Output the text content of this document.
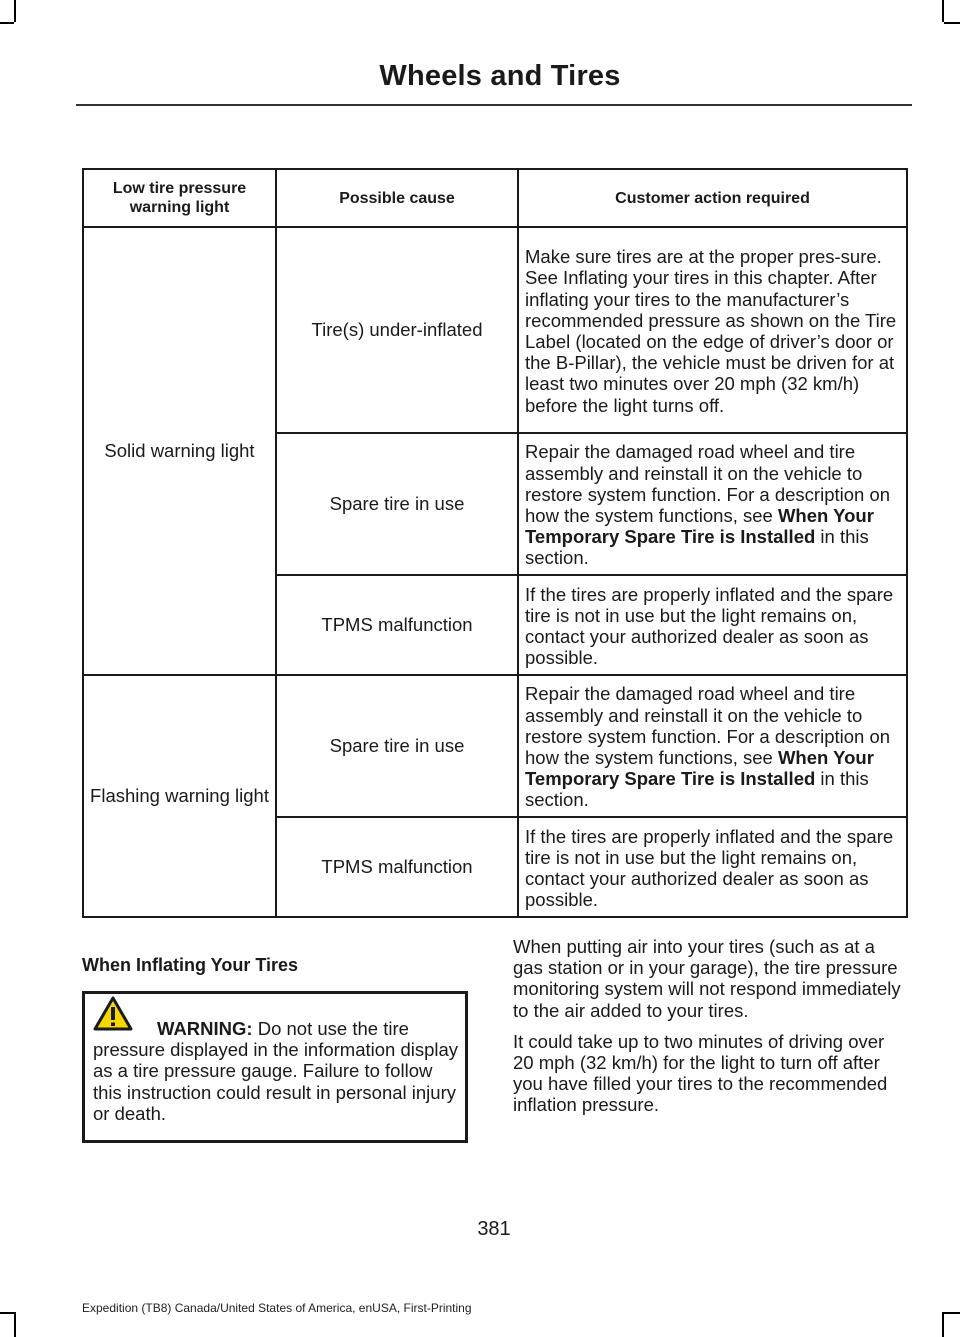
Wheels and Tires
Low tire pressure warning light	Possible cause	Customer action required
Solid warning light	Tire(s) under-inflated	Make sure tires are at the proper pres-sure. See Inflating your tires in this chapter. After inflating your tires to the manufacturer’s recommended pressure as shown on the Tire Label (located on the edge of driver’s door or the B-Pillar), the vehicle must be driven for at least two minutes over 20 mph (32 km/h) before the light turns off.

	Spare tire in use	Repair the damaged road wheel and tire assembly and reinstall it on the vehicle to restore system function. For a description on how the system functions, see When Your Temporary Spare Tire is Installed in this section.

	TPMS malfunction	If the tires are properly inflated and the spare tire is not in use but the light remains on, contact your authorized dealer as soon as possible.

Flashing warning light	Spare tire in use	Repair the damaged road wheel and tire assembly and reinstall it on the vehicle to restore system function. For a description on how the system functions, see When Your Temporary Spare Tire is Installed in this section.

	TPMS malfunction	If the tires are properly inflated and the spare tire is not in use but the light remains on, contact your authorized dealer as soon as possible.
When Inflating Your Tires
WARNING: Do not use the tire pressure displayed in the information display as a tire pressure gauge. Failure to follow this instruction could result in personal injury or death.

When putting air into your tires (such as at a gas station or in your garage), the tire pressure monitoring system will not respond immediately to the air added to your tires.

It could take up to two minutes of driving over 20 mph (32 km/h) for the light to turn off after you have filled your tires to the recommended inflation pressure.

381
Expedition (TB8) Canada/United States of America, enUSA, First-Printing
